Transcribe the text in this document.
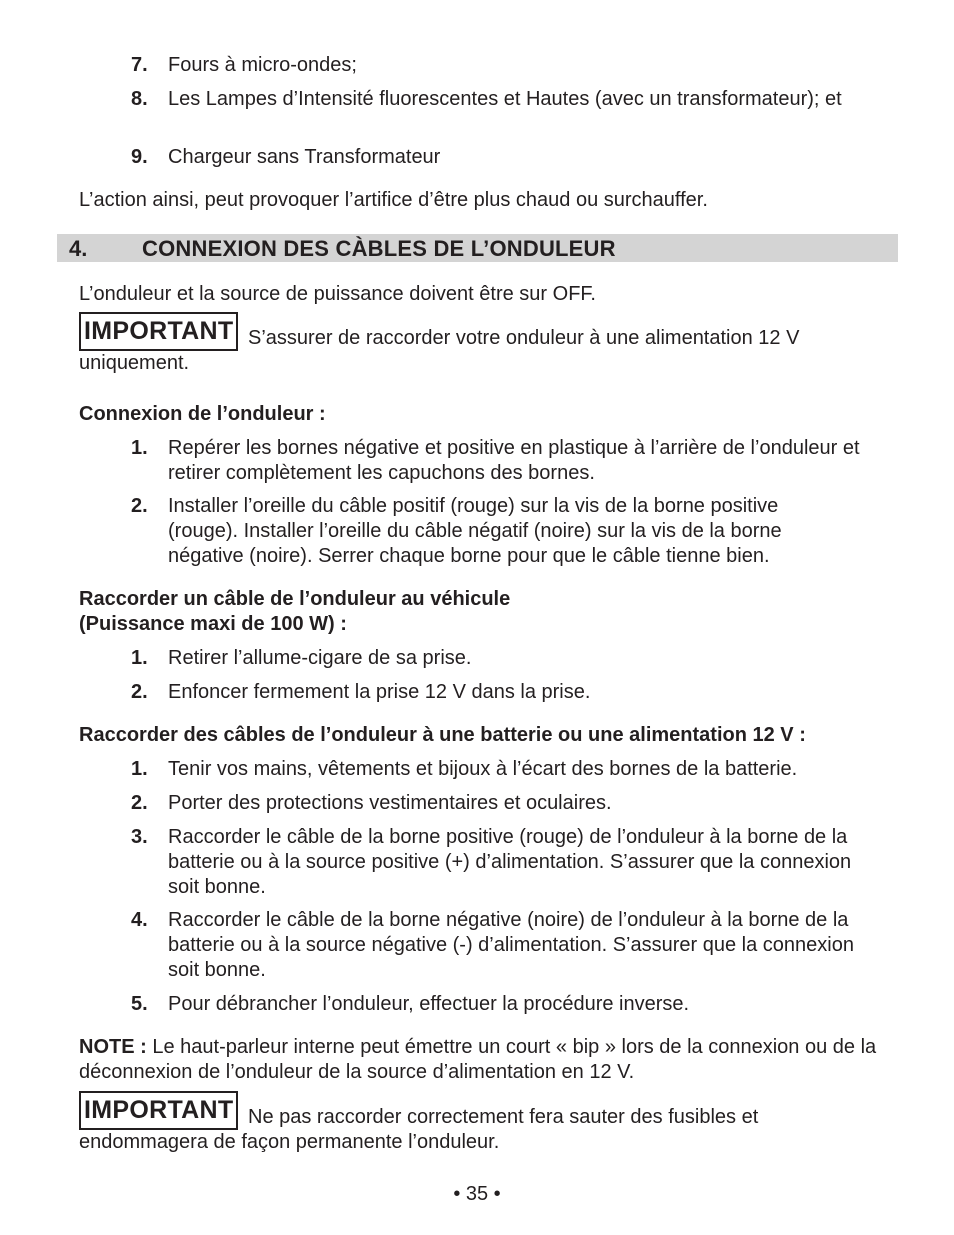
7. Fours à micro-ondes;
8. Les Lampes d’Intensité fluorescentes et Hautes (avec un transformateur); et
9. Chargeur sans Transformateur
L’action ainsi, peut provoquer l’artifice d’être plus chaud ou surchauffer.
4. CONNEXION DES CÀBLES DE L’ONDULEUR
L’onduleur et la source de puissance doivent être sur OFF.
IMPORTANT S’assurer de raccorder votre onduleur à une alimentation 12 V uniquement.
Connexion de l’onduleur :
1. Repérer les bornes négative et positive en plastique à l’arrière de l’onduleur et retirer complètement les capuchons des bornes.
2. Installer l’oreille du câble positif (rouge) sur la vis de la borne positive (rouge). Installer l’oreille du câble négatif (noire) sur la vis de la borne négative (noire). Serrer chaque borne pour que le câble tienne bien.
Raccorder un câble de l’onduleur au véhicule
(Puissance maxi de 100 W) :
1. Retirer l’allume-cigare de sa prise.
2. Enfoncer fermement la prise 12 V dans la prise.
Raccorder des câbles de l’onduleur à une batterie ou une alimentation 12 V :
1. Tenir vos mains, vêtements et bijoux à l’écart des bornes de la batterie.
2. Porter des protections vestimentaires et oculaires.
3. Raccorder le câble de la borne positive (rouge) de l’onduleur à la borne de la batterie ou à la source positive (+) d’alimentation. S’assurer que la connexion soit bonne.
4. Raccorder le câble de la borne négative (noire) de l’onduleur à la borne de la batterie ou à la source négative (-) d’alimentation. S’assurer que la connexion soit bonne.
5. Pour débrancher l’onduleur, effectuer la procédure inverse.
NOTE : Le haut-parleur interne peut émettre un court « bip » lors de la connexion ou de la déconnexion de l’onduleur de la source d’alimentation en 12 V.
IMPORTANT Ne pas raccorder correctement fera sauter des fusibles et endommagera de façon permanente l’onduleur.
• 35 •
